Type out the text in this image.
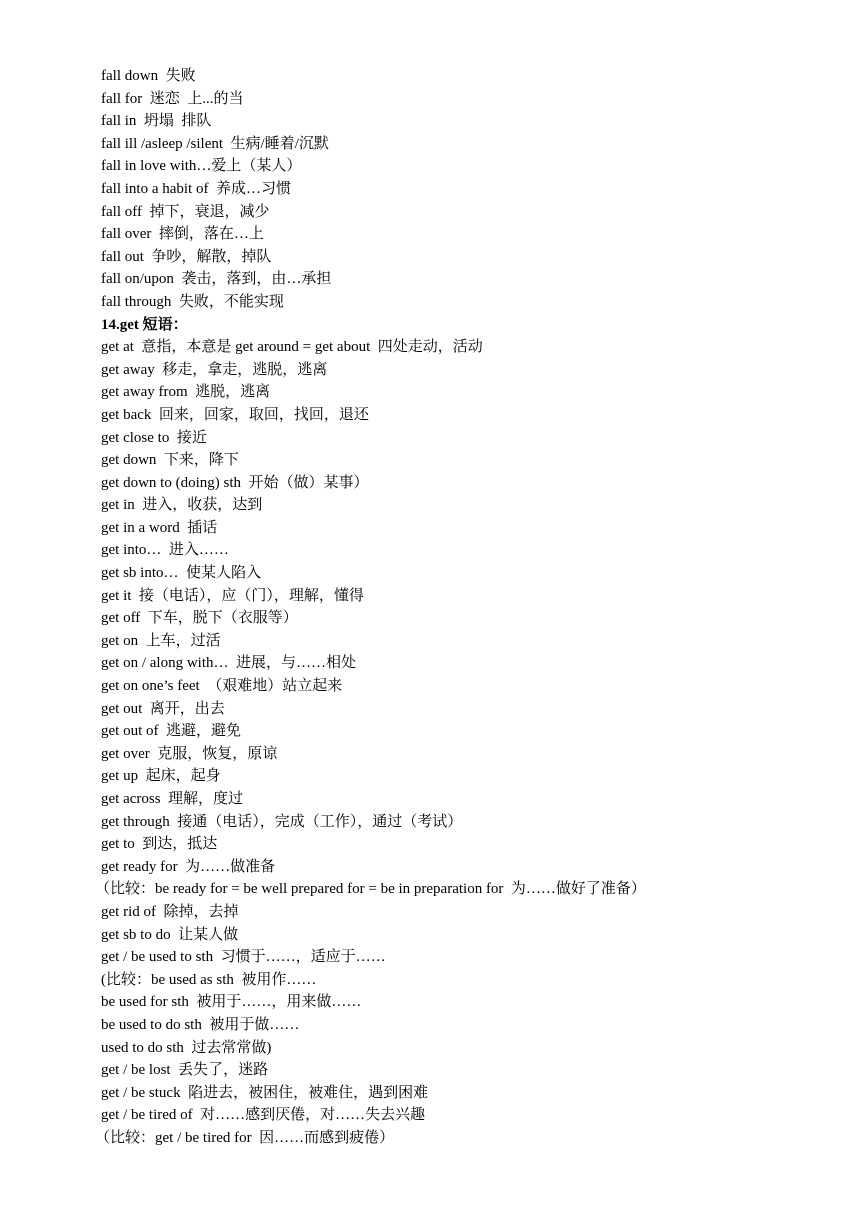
fall down  失败
fall for  迷恋  上...的当
fall in  坍塌  排队
fall ill /asleep /silent  生病/睡着/沉默
fall in love with…爱上（某人）
fall into a habit of  养成…习惯
fall off  掉下，衰退，减少
fall over  摔倒，落在…上
fall out  争吵，解散，掉队
fall on/upon  袭击，落到，由…承担
fall through  失败，不能实现
14.get 短语：
get at  意指，本意是 get around = get about  四处走动，活动
get away  移走，拿走，逃脱，逃离
get away from  逃脱，逃离
get back  回来，回家，取回，找回，退还
get close to  接近
get down  下来，降下
get down to (doing) sth  开始（做）某事）
get in  进入，收获，达到
get in a word  插话
get into…  进入……
get sb into…  使某人陷入
get it  接（电话），应（门），理解，懂得
get off  下车，脱下（衣服等）
get on  上车，过活
get on / along with…  进展，与……相处
get on one’s feet  （艰难地）站立起来
get out  离开，出去
get out of  逃避，避免
get over  克服，恢复，原谅
get up  起床，起身
get across  理解，度过
get through  接通（电话），完成（工作），通过（考试）
get to  到达，抵达
get ready for  为……做准备
（比较：be ready for = be well prepared for = be in preparation for  为……做好了准备）
get rid of  除掉，去掉
get sb to do  让某人做
get / be used to sth  习惯于……，适应于……
(比较：be used as sth  被用作……
be used for sth  被用于……，用来做……
be used to do sth  被用于做……
used to do sth  过去常常做)
get / be lost  丢失了，迷路
get / be stuck  陷进去，被困住，被难住，遇到困难
get / be tired of  对……感到厌倦，对……失去兴趣
（比较：get / be tired for  因……而感到疲倦）
